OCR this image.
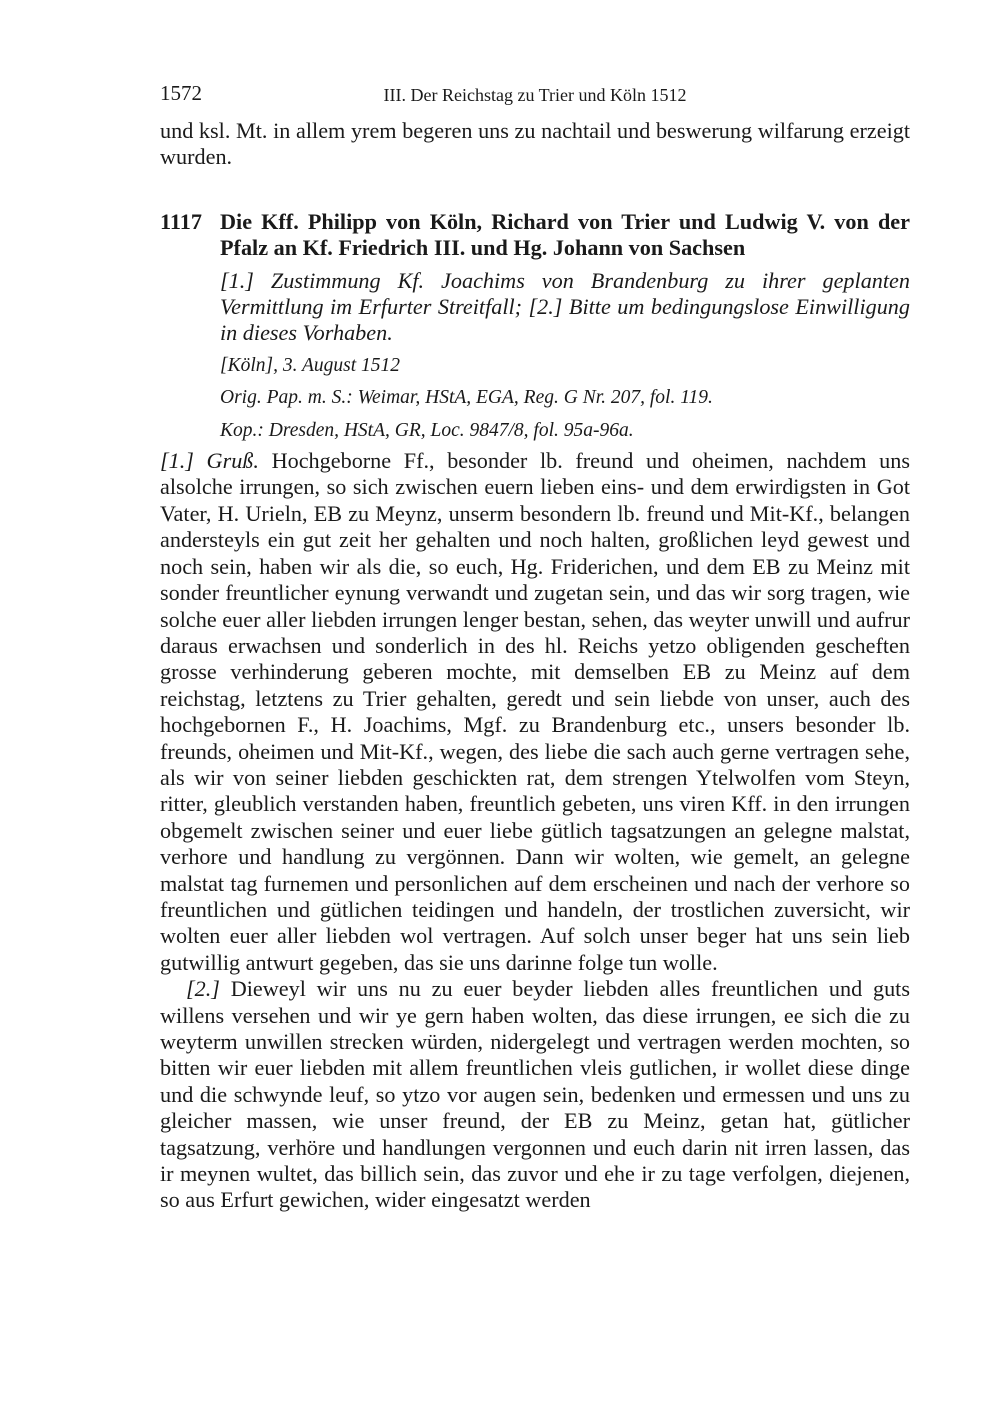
1572	III. Der Reichstag zu Trier und Köln 1512

und ksl. Mt. in allem yrem begeren uns zu nachtail und beswerung wilfarung erzeigt wurden.

1117 Die Kff. Philipp von Köln, Richard von Trier und Ludwig V. von der Pfalz an Kf. Friedrich III. und Hg. Johann von Sachsen
[1.] Zustimmung Kf. Joachims von Brandenburg zu ihrer geplanten Vermittlung im Erfurter Streitfall; [2.] Bitte um bedingungslose Einwilligung in dieses Vorhaben.
[Köln], 3. August 1512
Orig. Pap. m. S.: Weimar, HStA, EGA, Reg. G Nr. 207, fol. 119.
Kop.: Dresden, HStA, GR, Loc. 9847/8, fol. 95a-96a.

[1.] Gruß. Hochgeborne Ff., besonder lb. freund und oheimen, nachdem uns alsolche irrungen, so sich zwischen euern lieben eins- und dem erwirdigsten in Got Vater, H. Urieln, EB zu Meynz, unserm besondern lb. freund und Mit-Kf., belangen andersteyls ein gut zeit her gehalten und noch halten, großlichen leyd gewest und noch sein, haben wir als die, so euch, Hg. Friderichen, und dem EB zu Meinz mit sonder freuntlicher eynung verwandt und zugetan sein, und das wir sorg tragen, wie solche euer aller liebden irrungen lenger bestan, sehen, das weyter unwill und aufrur daraus erwachsen und sonderlich in des hl. Reichs yetzo obligenden gescheften grosse verhinderung geberen mochte, mit demselben EB zu Meinz auf dem reichstag, letztens zu Trier gehalten, geredt und sein liebde von unser, auch des hochgebornen F., H. Joachims, Mgf. zu Brandenburg etc., unsers besonder lb. freunds, oheimen und Mit-Kf., wegen, des liebe die sach auch gerne vertragen sehe, als wir von seiner liebden geschickten rat, dem strengen Ytelwolfen vom Steyn, ritter, gleublich verstanden haben, freuntlich gebeten, uns viren Kff. in den irrungen obgemelt zwischen seiner und euer liebe gütlich tagsatzungen an gelegne malstat, verhore und handlung zu vergönnen. Dann wir wolten, wie gemelt, an gelegne malstat tag furnemen und personlichen auf dem erscheinen und nach der verhore so freuntlichen und gütlichen teidingen und handeln, der trostlichen zuversicht, wir wolten euer aller liebden wol vertragen. Auf solch unser beger hat uns sein lieb gutwillig antwurt gegeben, das sie uns darinne folge tun wolle.

[2.] Dieweyl wir uns nu zu euer beyder liebden alles freuntlichen und guts willens versehen und wir ye gern haben wolten, das diese irrungen, ee sich die zu weyterm unwillen strecken würden, nidergelegt und vertragen werden mochten, so bitten wir euer liebden mit allem freuntlichen vleis gutlichen, ir wollet diese dinge und die schwynde leuf, so ytzo vor augen sein, bedenken und ermessen und uns zu gleicher massen, wie unser freund, der EB zu Meinz, getan hat, gütlicher tagsatzung, verhöre und handlungen vergonnen und euch darin nit irren lassen, das ir meynen wultet, das billich sein, das zuvor und ehe ir zu tage verfolgen, diejenen, so aus Erfurt gewichen, wider eingesatzt werden
